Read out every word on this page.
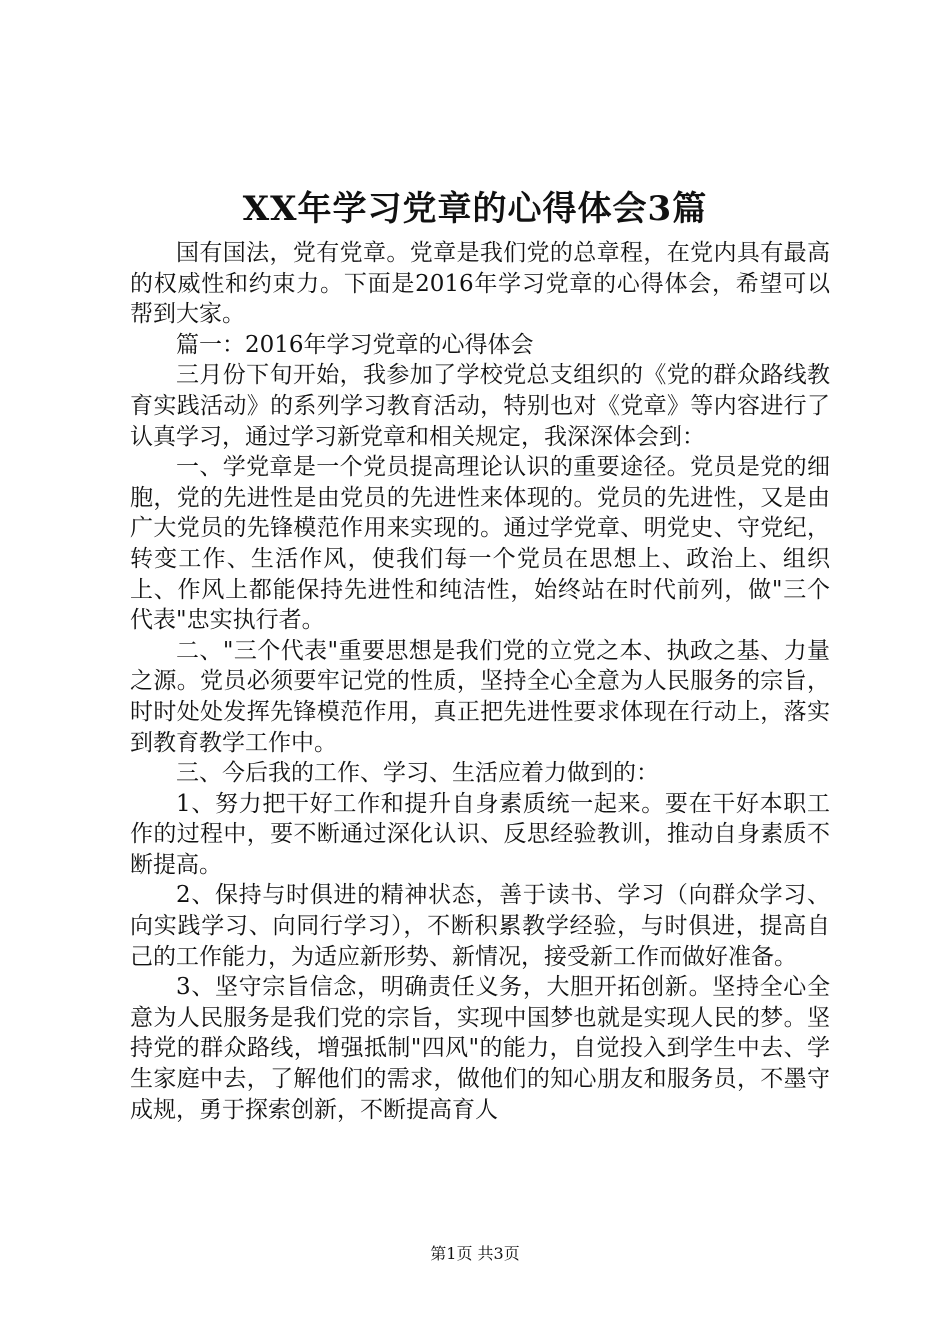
XX年学习党章的心得体会3篇

国有国法，党有党章。党章是我们党的总章程，在党内具有最高的权威性和约束力。下面是2016年学习党章的心得体会，希望可以帮到大家。

篇一：2016年学习党章的心得体会

三月份下旬开始，我参加了学校党总支组织的《党的群众路线教育实践活动》的系列学习教育活动，特别也对《党章》等内容进行了认真学习，通过学习新党章和相关规定，我深深体会到：

一、学党章是一个党员提高理论认识的重要途径。党员是党的细胞，党的先进性是由党员的先进性来体现的。党员的先进性，又是由广大党员的先锋模范作用来实现的。通过学党章、明党史、守党纪，转变工作、生活作风，使我们每一个党员在思想上、政治上、组织上、作风上都能保持先进性和纯洁性，始终站在时代前列，做"三个代表"忠实执行者。

二、"三个代表"重要思想是我们党的立党之本、执政之基、力量之源。党员必须要牢记党的性质，坚持全心全意为人民服务的宗旨，时时处处发挥先锋模范作用，真正把先进性要求体现在行动上，落实到教育教学工作中。

三、今后我的工作、学习、生活应着力做到的：

1、努力把干好工作和提升自身素质统一起来。要在干好本职工作的过程中，要不断通过深化认识、反思经验教训，推动自身素质不断提高。

2、保持与时俱进的精神状态，善于读书、学习（向群众学习、向实践学习、向同行学习），不断积累教学经验，与时俱进，提高自己的工作能力，为适应新形势、新情况，接受新工作而做好准备。

3、坚守宗旨信念，明确责任义务，大胆开拓创新。坚持全心全意为人民服务是我们党的宗旨，实现中国梦也就是实现人民的梦。坚持党的群众路线，增强抵制"四风"的能力，自觉投入到学生中去、学生家庭中去，了解他们的需求，做他们的知心朋友和服务员，不墨守成规，勇于探索创新，不断提高育人

第1页 共3页
